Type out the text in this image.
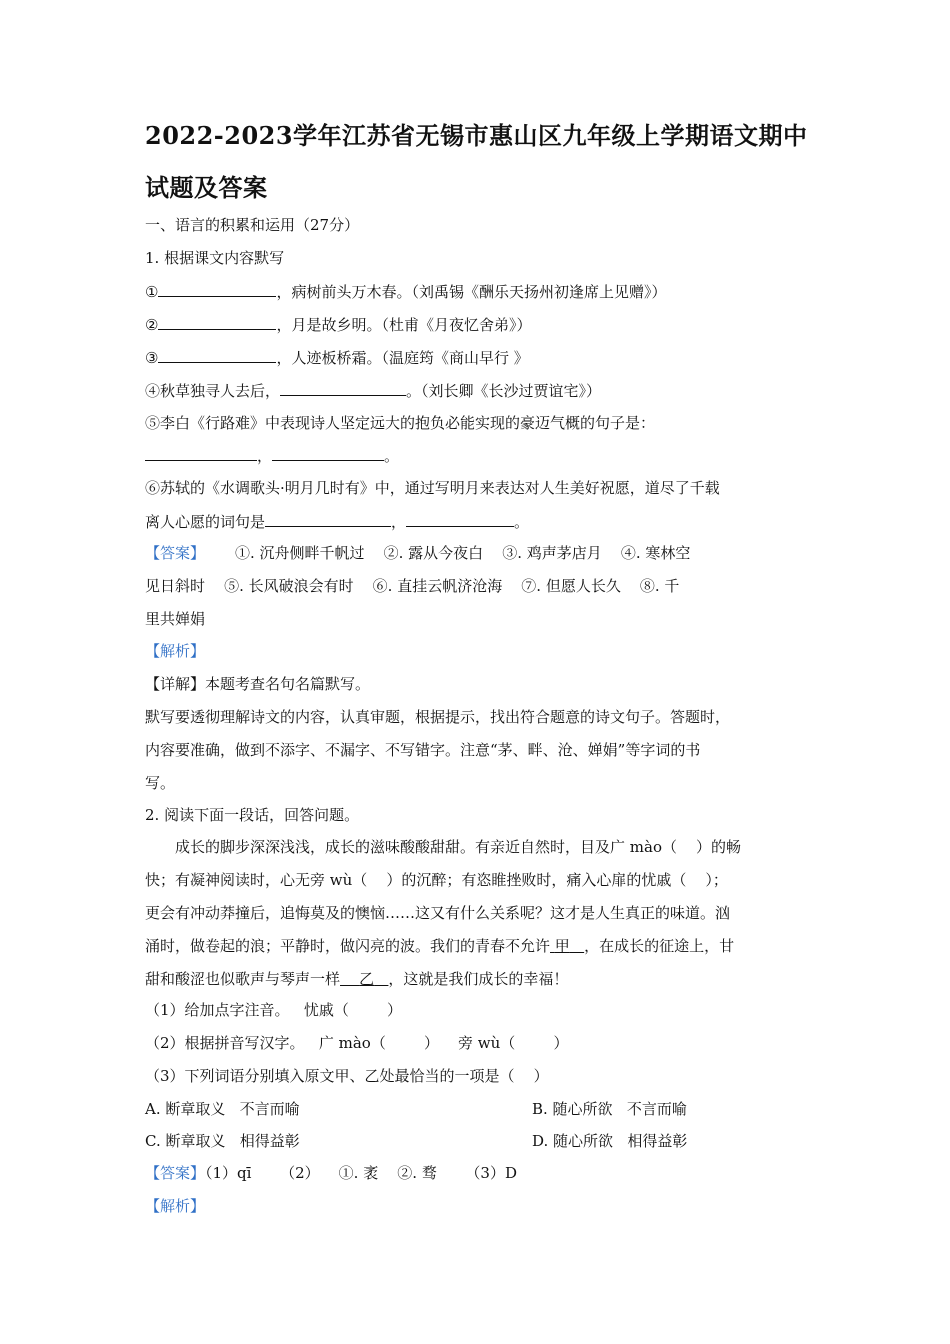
2022-2023学年江苏省无锡市惠山区九年级上学期语文期中
试题及答案
一、语言的积累和运用（27分）
1. 根据课文内容默写
①	，病树前头万木春。（刘禹锡《酬乐天扬州初逢席上见赠》）
②	，月是故乡明。（杜甫《月夜忆舍弟》）
③	，人迹板桥霜。（温庭筠《商山早行 》
④秋草独寻人去后，	。（刘长卿《长沙过贾谊宅》）
⑤李白《行路难》中表现诗人坚定远大的抱负必能实现的豪迈气概的句子是：
，	。
⑥苏轼的《水调歌头·明月几时有》中，通过写明月来表达对人生美好祝愿，道尽了千载
离人心愿的词句是	，	。
【答案】 ①. 沉舟侧畔千帆过    ②. 露从今夜白    ③. 鸡声茅店月    ④. 寒林空
见日斜时    ⑤. 长风破浪会有时    ⑥. 直挂云帆济沧海    ⑦. 但愿人长久    ⑧. 千
里共婵娟
【解析】
【详解】本题考查名句名篇默写。
默写要透彻理解诗文的内容，认真审题，根据提示，找出符合题意的诗文句子。答题时，
内容要准确，做到不添字、不漏字、不写错字。注意“茅、畔、沧、婵娟”等字词的书
写。
2. 阅读下面一段话，回答问题。
成长的脚步深深浅浅，成长的滋味酸酸甜甜。有亲近自然时，目及广 mào（    ）的畅
快；有凝神阅读时，心无旁 wù（    ）的沉醉；有恣睢挫败时，痛入心扉的忧戚（    ）；
更会有冲动莽撞后，追悔莫及的懊恼……这又有什么关系呢？这才是人生真正的味道。汹
涌时，做卷起的浪；平静时，做闪亮的波。我们的青春不允许 甲 ，在成长的征途上，甘
甜和酸涩也似歌声与琴声一样 乙 ，这就是我们成长的幸福！
（1）给加点字注音。   忧戚（        ）
（2）根据拼音写汉字。   广 mào（        ）    旁 wù（        ）
（3）下列词语分别填入原文甲、乙处最恰当的一项是（    ）
A. 断章取义   不言而喻	B. 随心所欲   不言而喻
C. 断章取义   相得益彰	D. 随心所欲   相得益彰
【答案】（1）qī      （2）    ①. 袤    ②. 骛      （3）D
【解析】
